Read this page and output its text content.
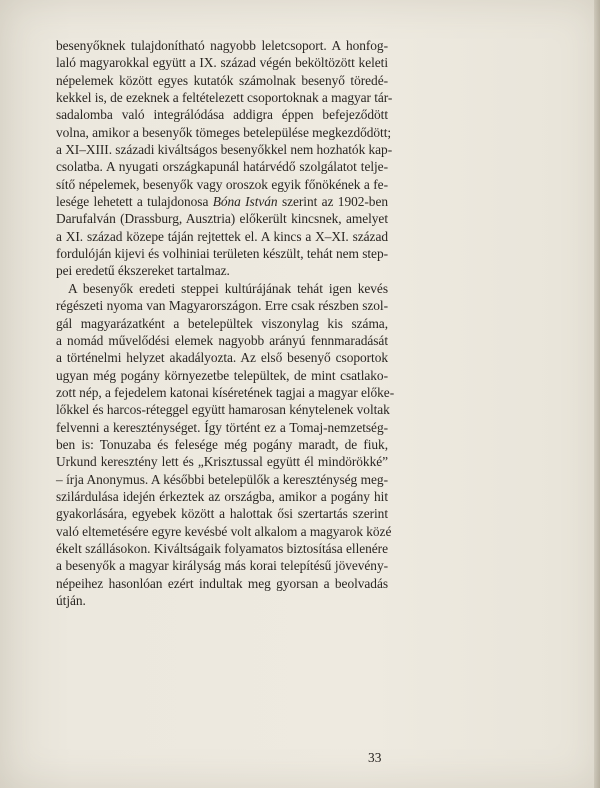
besenyőknek tulajdonítható nagyobb leletcsoport. A honfog-
laló magyarokkal együtt a IX. század végén beköltözött keleti
népelemek között egyes kutatók számolnak besenyő töredé-
kekkel is, de ezeknek a feltételezett csoportoknak a magyar tár-
sadalomba való integrálódása addigra éppen befejeződött
volna, amikor a besenyők tömeges betelepülése megkezdődött;
a XI–XIII. századi kiváltságos besenyőkkel nem hozhatók kap-
csolatba. A nyugati országkapunál határvédő szolgálatot telje-
sítő népelemek, besenyők vagy oroszok egyik főnökének a fe-
lesége lehetett a tulajdonosa Bóna István szerint az 1902-ben
Darufalván (Drassburg, Ausztria) előkerült kincsnek, amelyet
a XI. század közepe táján rejtettek el. A kincs a X–XI. század
fordulóján kijevi és volhiniai területen készült, tehát nem step-
pei eredetű ékszereket tartalmaz.
A besenyők eredeti steppei kultúrájának tehát igen kevés
régészeti nyoma van Magyarországon. Erre csak részben szol-
gál magyarázatként a betelepültek viszonylag kis száma,
a nomád művelődési elemek nagyobb arányú fennmaradását
a történelmi helyzet akadályozta. Az első besenyő csoportok
ugyan még pogány környezetbe települtek, de mint csatlako-
zott nép, a fejedelem katonai kíséretének tagjai a magyar előke-
lőkkel és harcos-réteggel együtt hamarosan kénytelenek voltak
felvenni a kereszténységet. Így történt ez a Tomaj-nemzetség-
ben is: Tonuzaba és felesége még pogány maradt, de fiuk,
Urkund keresztény lett és „Krisztussal együtt él mindörökké”
– írja Anonymus. A későbbi betelepülők a kereszténység meg-
szilárdulása idején érkeztek az országba, amikor a pogány hit
gyakorlására, egyebek között a halottak ősi szertartás szerint
való eltemetésére egyre kevésbé volt alkalom a magyarok közé
ékelt szállásokon. Kiváltságaik folyamatos biztosítása ellenére
a besenyők a magyar királyság más korai telepítésű jövevény-
népeihez hasonlóan ezért indultak meg gyorsan a beolvadás
útján.
33
